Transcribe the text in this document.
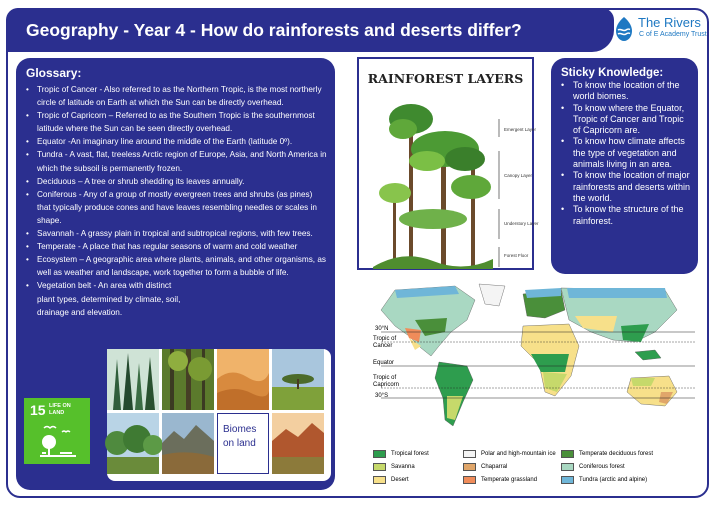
Geography - Year 4 - How do rainforests and deserts differ?	The Rivers
C of E Academy Trust
Glossary:
• Tropic of Cancer - Also referred to as the Northern Tropic, is the most northerly circle of latitude on Earth at which the Sun can be directly overhead.
• Tropic of Capricorn – Referred to as the Southern Tropic is the southernmost latitude where the Sun can be seen directly overhead.
• Equator -An imaginary line around the middle of the Earth (latitude 0º).
• Tundra - A vast, flat, treeless Arctic region of Europe, Asia, and North America in which the subsoil is permanently frozen.
• Deciduous – A tree or shrub shedding its leaves annually.
• Coniferous - Any of a group of mostly evergreen trees and shrubs (as pines) that typically produce cones and have leaves resembling needles or scales in shape.
• Savannah - A grassy plain in tropical and subtropical regions, with few trees.
• Temperate - A place that has regular seasons of warm and cold weather
• Ecosystem – A geographic area where plants, animals, and other organisms, as well as weather and landscape, work together to form a bubble of life.
• Vegetation belt - An area with distinct plant types, determined by climate, soil, drainage and elevation.
15 LIFE ON LAND
Biomes on land
RAINFOREST LAYERS
Emergent Layer
Canopy Layer
Understory Layer
Forest Floor
Sticky Knowledge:
• To know the location of the world biomes.
• To know where the Equator, Tropic of Cancer and Tropic of Capricorn are.
• To know how climate affects the type of vegetation and animals living in an area.
• To know the location of major rainforests and deserts within the world.
• To know the structure of the rainforest.
30°N
Tropic of Cancer
Equator
Tropic of Capricorn
30°S
Tropical forest	Polar and high-mountain ice	Temperate deciduous forest
Savanna	Chaparral	Coniferous forest
Desert	Temperate grassland	Tundra (arctic and alpine)
